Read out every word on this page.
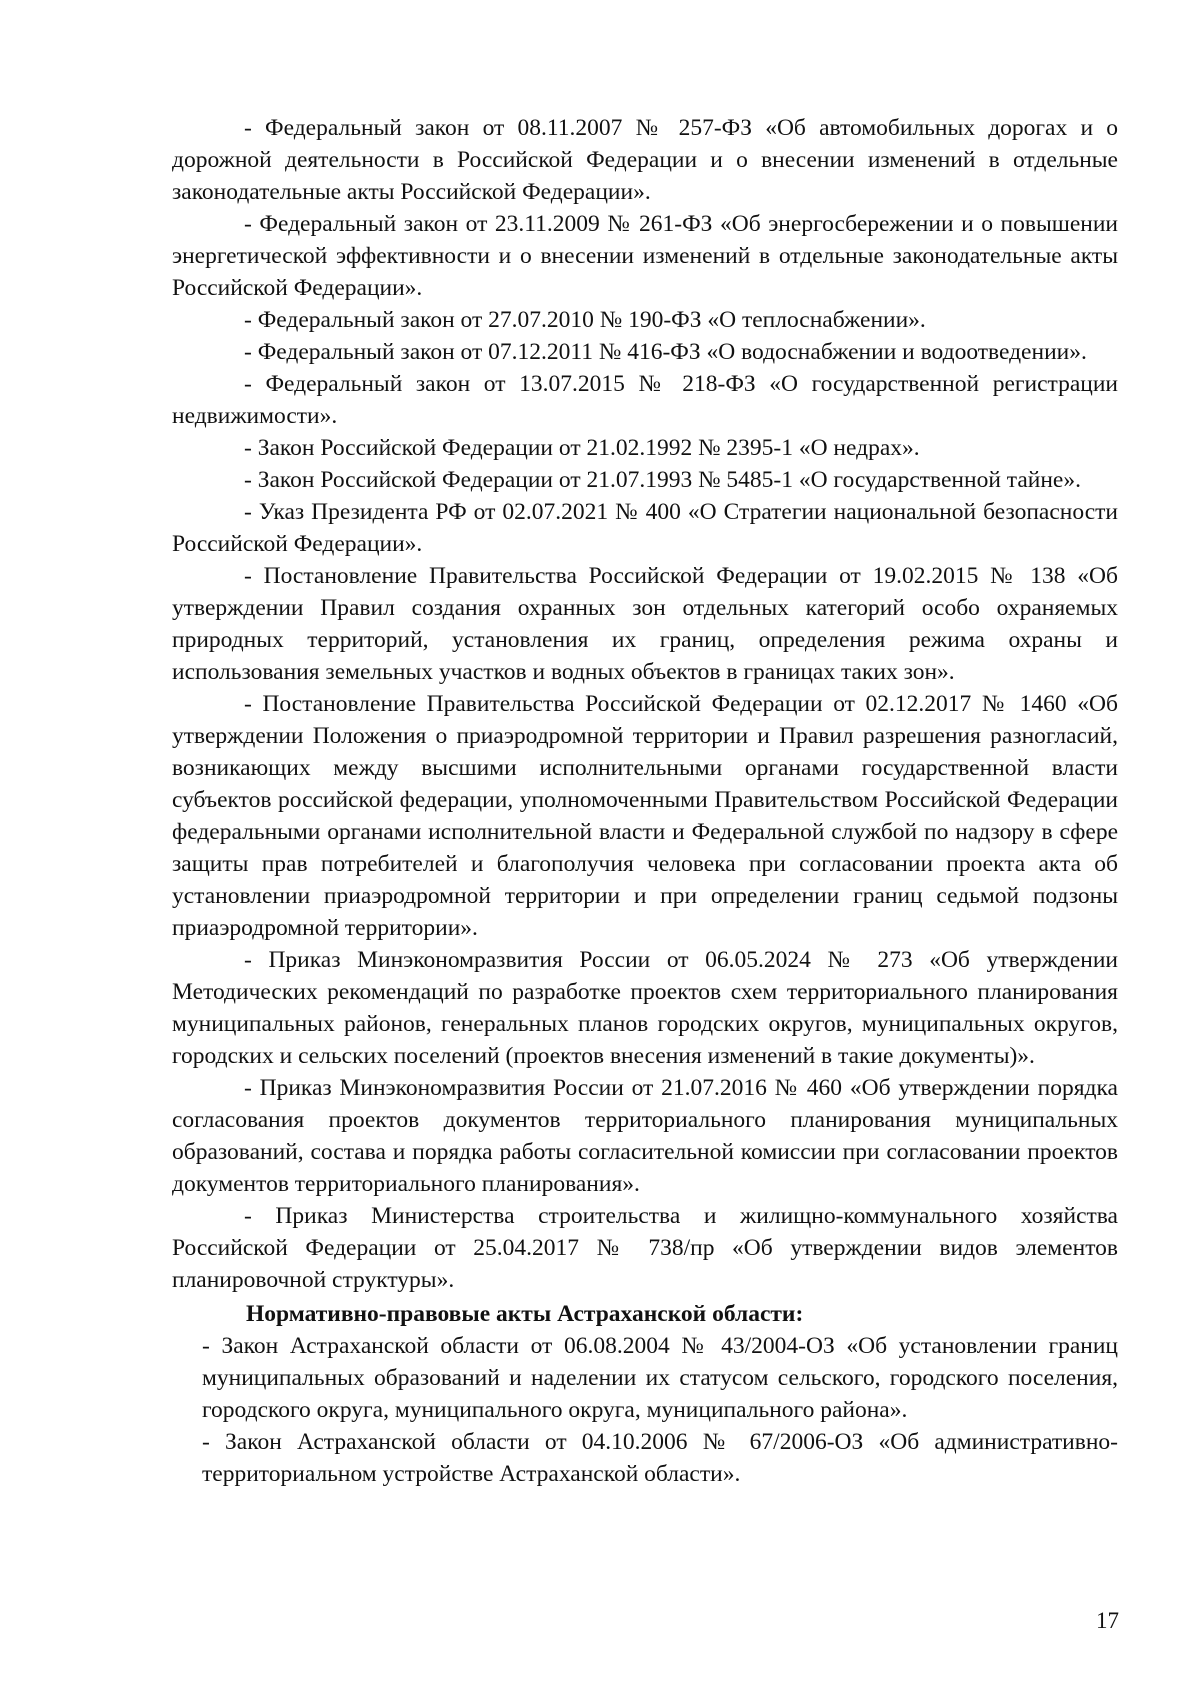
- Федеральный закон от 08.11.2007 № 257-ФЗ «Об автомобильных дорогах и о дорожной деятельности в Российской Федерации и о внесении изменений в отдельные законодательные акты Российской Федерации».

- Федеральный закон от 23.11.2009 № 261-ФЗ «Об энергосбережении и о повышении энергетической эффективности и о внесении изменений в отдельные законодательные акты Российской Федерации».

- Федеральный закон от 27.07.2010 № 190-ФЗ «О теплоснабжении».

- Федеральный закон от 07.12.2011 № 416-ФЗ «О водоснабжении и водоотведении».

- Федеральный закон от 13.07.2015 № 218-ФЗ «О государственной регистрации недвижимости».

- Закон Российской Федерации от 21.02.1992 № 2395-1 «О недрах».

- Закон Российской Федерации от 21.07.1993 № 5485-1 «О государственной тайне».

- Указ Президента РФ от 02.07.2021 № 400 «О Стратегии национальной безопасности Российской Федерации».

- Постановление Правительства Российской Федерации от 19.02.2015 № 138 «Об утверждении Правил создания охранных зон отдельных категорий особо охраняемых природных территорий, установления их границ, определения режима охраны и использования земельных участков и водных объектов в границах таких зон».

- Постановление Правительства Российской Федерации от 02.12.2017 № 1460 «Об утверждении Положения о приаэродромной территории и Правил разрешения разногласий, возникающих между высшими исполнительными органами государственной власти субъектов российской федерации, уполномоченными Правительством Российской Федерации федеральными органами исполнительной власти и Федеральной службой по надзору в сфере защиты прав потребителей и благополучия человека при согласовании проекта акта об установлении приаэродромной территории и при определении границ седьмой подзоны приаэродромной территории».

- Приказ Минэкономразвития России от 06.05.2024 № 273 «Об утверждении Методических рекомендаций по разработке проектов схем территориального планирования муниципальных районов, генеральных планов городских округов, муниципальных округов, городских и сельских поселений (проектов внесения изменений в такие документы)».

- Приказ Минэкономразвития России от 21.07.2016 № 460 «Об утверждении порядка согласования проектов документов территориального планирования муниципальных образований, состава и порядка работы согласительной комиссии при согласовании проектов документов территориального планирования».

- Приказ Министерства строительства и жилищно-коммунального хозяйства Российской Федерации от 25.04.2017 № 738/пр «Об утверждении видов элементов планировочной структуры».

Нормативно-правовые акты Астраханской области:

- Закон Астраханской области от 06.08.2004 № 43/2004-ОЗ «Об установлении границ муниципальных образований и наделении их статусом сельского, городского поселения, городского округа, муниципального округа, муниципального района».

- Закон Астраханской области от 04.10.2006 № 67/2006-ОЗ «Об административно-территориальном устройстве Астраханской области».

17
